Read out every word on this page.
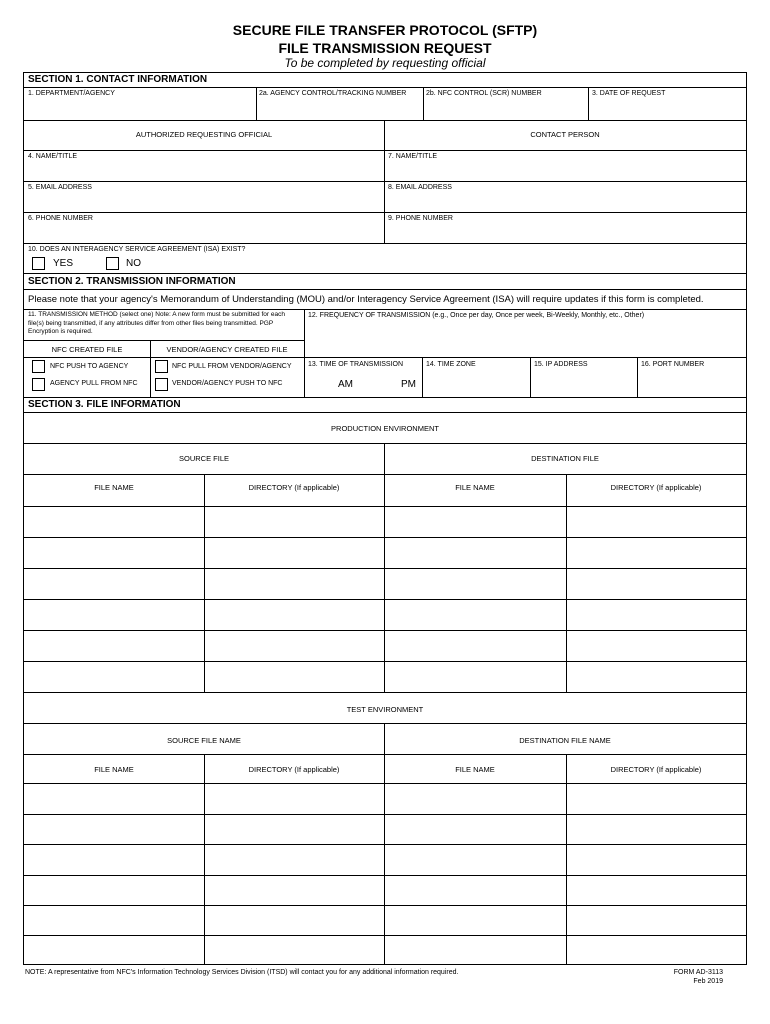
SECURE FILE TRANSFER PROTOCOL (SFTP)
FILE TRANSMISSION REQUEST
To be completed by requesting official
SECTION 1. CONTACT INFORMATION
1. DEPARTMENT/AGENCY	2a. AGENCY CONTROL/TRACKING NUMBER	2b. NFC CONTROL (SCR) NUMBER	3. DATE OF REQUEST
AUTHORIZED REQUESTING OFFICIAL	CONTACT PERSON
4. NAME/TITLE	7. NAME/TITLE
5. EMAIL ADDRESS	8. EMAIL ADDRESS
6. PHONE NUMBER	9. PHONE NUMBER
10. DOES AN INTERAGENCY SERVICE AGREEMENT (ISA) EXIST?
YES	NO
SECTION 2. TRANSMISSION INFORMATION
Please note that your agency's Memorandum of Understanding (MOU) and/or Interagency Service Agreement (ISA) will require updates if this form is completed.
11. TRANSMISSION METHOD (select one) Note: A new form must be submitted for each file(s) being transmitted, if any attributes differ from other files being transmitted. PGP Encryption is required.
12. FREQUENCY OF TRANSMISSION (e.g., Once per day, Once per week, Bi-Weekly, Monthly, etc., Other)
NFC CREATED FILE	VENDOR/AGENCY CREATED FILE
NFC PUSH TO AGENCY	NFC PULL FROM VENDOR/AGENCY
AGENCY PULL FROM NFC	VENDOR/AGENCY PUSH TO NFC
13. TIME OF TRANSMISSION
AM	PM
14. TIME ZONE	15. IP ADDRESS	16. PORT NUMBER
SECTION 3. FILE INFORMATION
PRODUCTION ENVIRONMENT
SOURCE FILE	DESTINATION FILE
FILE NAME	DIRECTORY (If applicable)	FILE NAME	DIRECTORY (If applicable)
TEST ENVIRONMENT
SOURCE FILE NAME	DESTINATION FILE NAME
FILE NAME	DIRECTORY (If applicable)	FILE NAME	DIRECTORY (If applicable)
NOTE: A representative from NFC's Information Technology Services Division (ITSD) will contact you for any additional information required.	FORM AD-3113
Feb 2019
